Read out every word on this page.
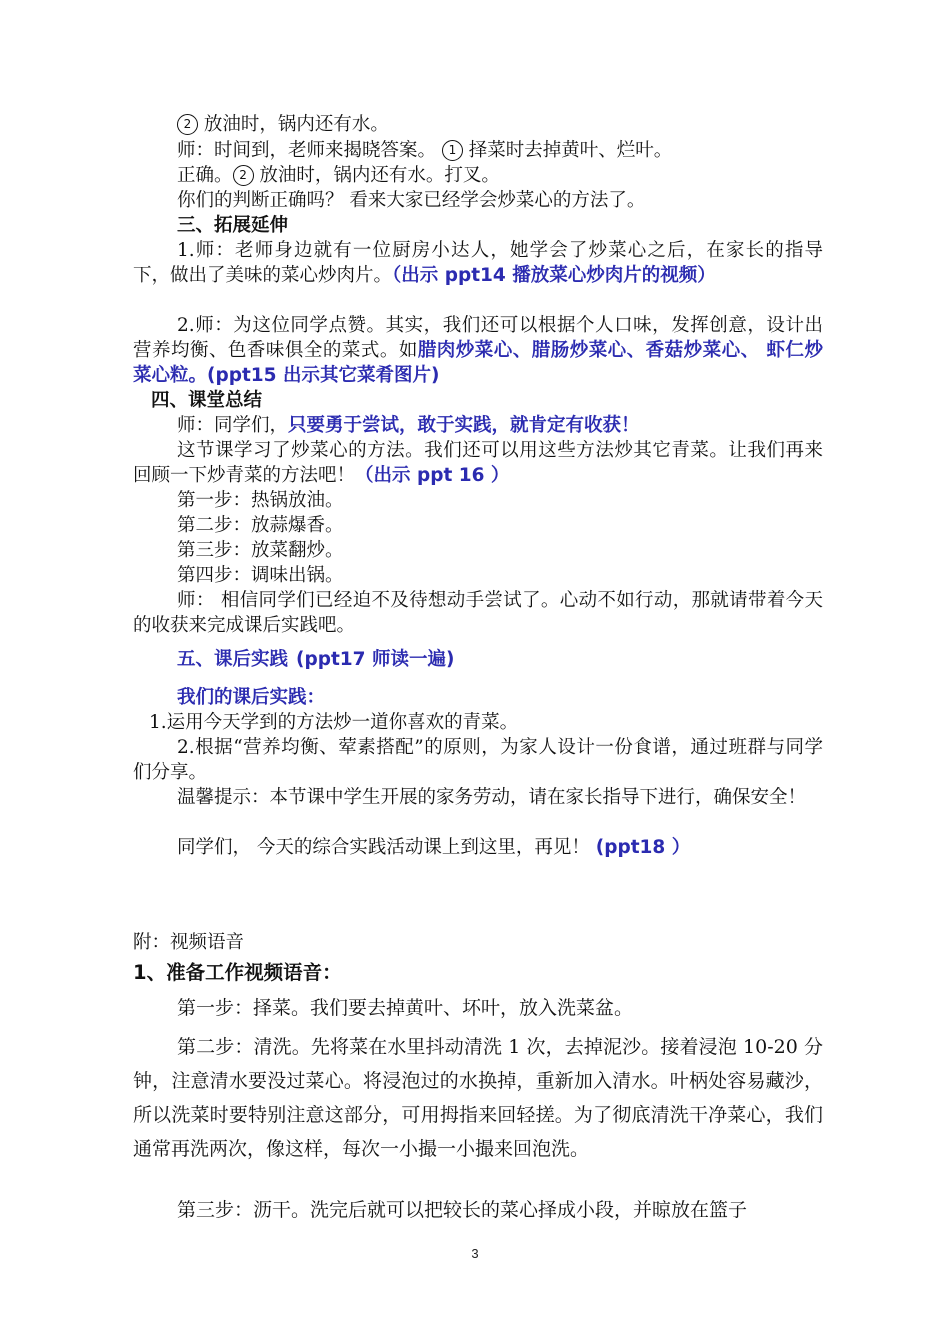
2 放油时，锅内还有水。

师：时间到，老师来揭晓答案。 1 择菜时去掉黄叶、烂叶。

正确。 2 放油时，锅内还有水。打叉。

你们的判断正确吗？ 看来大家已经学会炒菜心的方法了。

三、拓展延伸

1.师：老师身边就有一位厨房小达人，她学会了炒菜心之后，在家长的指导下，做出了美味的菜心炒肉片。（出示 ppt14 播放菜心炒肉片的视频）

2.师：为这位同学点赞。其实，我们还可以根据个人口味，发挥创意，设计出营养均衡、色香味俱全的菜式。如腊肉炒菜心、腊肠炒菜心、香菇炒菜心、 虾仁炒菜心粒。(ppt15 出示其它菜肴图片)

四、课堂总结

师：同学们，只要勇于尝试，敢于实践，就肯定有收获！

这节课学习了炒菜心的方法。我们还可以用这些方法炒其它青菜。让我们再来回顾一下炒青菜的方法吧！（出示 ppt 16 ）

第一步：热锅放油。

第二步：放蒜爆香。

第三步：放菜翻炒。

第四步：调味出锅。

师： 相信同学们已经迫不及待想动手尝试了。心动不如行动，那就请带着今天的收获来完成课后实践吧。

五、课后实践 (ppt17 师读一遍)

我们的课后实践：

1.运用今天学到的方法炒一道你喜欢的青菜。

2.根据“营养均衡、荤素搭配”的原则，为家人设计一份食谱，通过班群与同学们分享。

温馨提示：本节课中学生开展的家务劳动，请在家长指导下进行，确保安全！

同学们， 今天的综合实践活动课上到这里，再见！ (ppt18 ）

附：视频语音

1、准备工作视频语音：

第一步：择菜。我们要去掉黄叶、坏叶，放入洗菜盆。

第二步：清洗。先将菜在水里抖动清洗 1 次，去掉泥沙。接着浸泡 10-20 分钟，注意清水要没过菜心。将浸泡过的水换掉，重新加入清水。叶柄处容易藏沙，所以洗菜时要特别注意这部分，可用拇指来回轻搓。为了彻底清洗干净菜心，我们通常再洗两次，像这样，每次一小撮一小撮来回泡洗。

第三步：沥干。洗完后就可以把较长的菜心择成小段，并晾放在篮子

3
